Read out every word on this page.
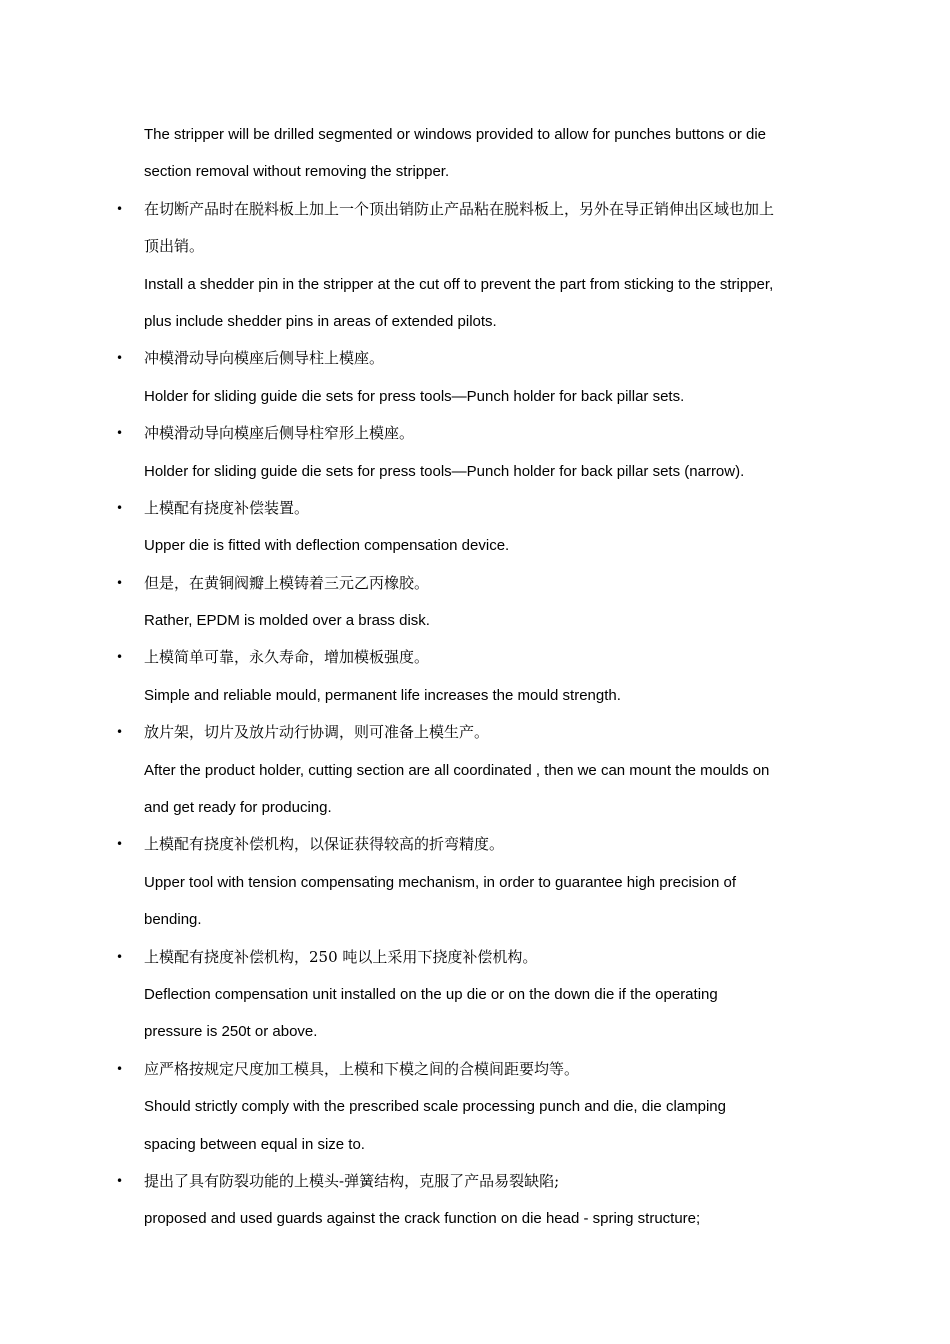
The stripper will be drilled segmented or windows provided to allow for punches buttons or die

section removal without removing the stripper.

• 在切断产品时在脱料板上加上一个顶出销防止产品粘在脱料板上，另外在导正销伸出区域也加上

顶出销。

Install a shedder pin in the stripper at the cut off to prevent the part from sticking to the stripper,

plus include shedder pins in areas of extended pilots.

• 冲模滑动导向模座后侧导柱上模座。

Holder for sliding guide die sets for press tools—Punch holder for back pillar sets.

• 冲模滑动导向模座后侧导柱窄形上模座。

Holder for sliding guide die sets for press tools—Punch holder for back pillar sets (narrow).

• 上模配有挠度补偿装置。

Upper die is fitted with deflection compensation device.

• 但是，在黄铜阀瓣上模铸着三元乙丙橡胶。

Rather, EPDM is molded over a brass disk.

• 上模简单可靠，永久寿命，增加模板强度。

Simple and reliable mould, permanent life increases the mould strength.

• 放片架，切片及放片动行协调，则可准备上模生产。

After the product holder, cutting section are all coordinated , then we can mount the moulds on

and get ready for producing.

• 上模配有挠度补偿机构，以保证获得较高的折弯精度。

Upper tool with tension compensating mechanism, in order to guarantee high precision of

bending.

• 上模配有挠度补偿机构，250 吨以上采用下挠度补偿机构。

Deflection compensation unit installed on the up die or on the down die if the operating

pressure is 250t or above.

• 应严格按规定尺度加工模具，上模和下模之间的合模间距要均等。

Should strictly comply with the prescribed scale processing punch and die, die clamping

spacing between equal in size to.

• 提出了具有防裂功能的上模头-弹簧结构，克服了产品易裂缺陷;

proposed and used guards against the crack function on die head - spring structure;
